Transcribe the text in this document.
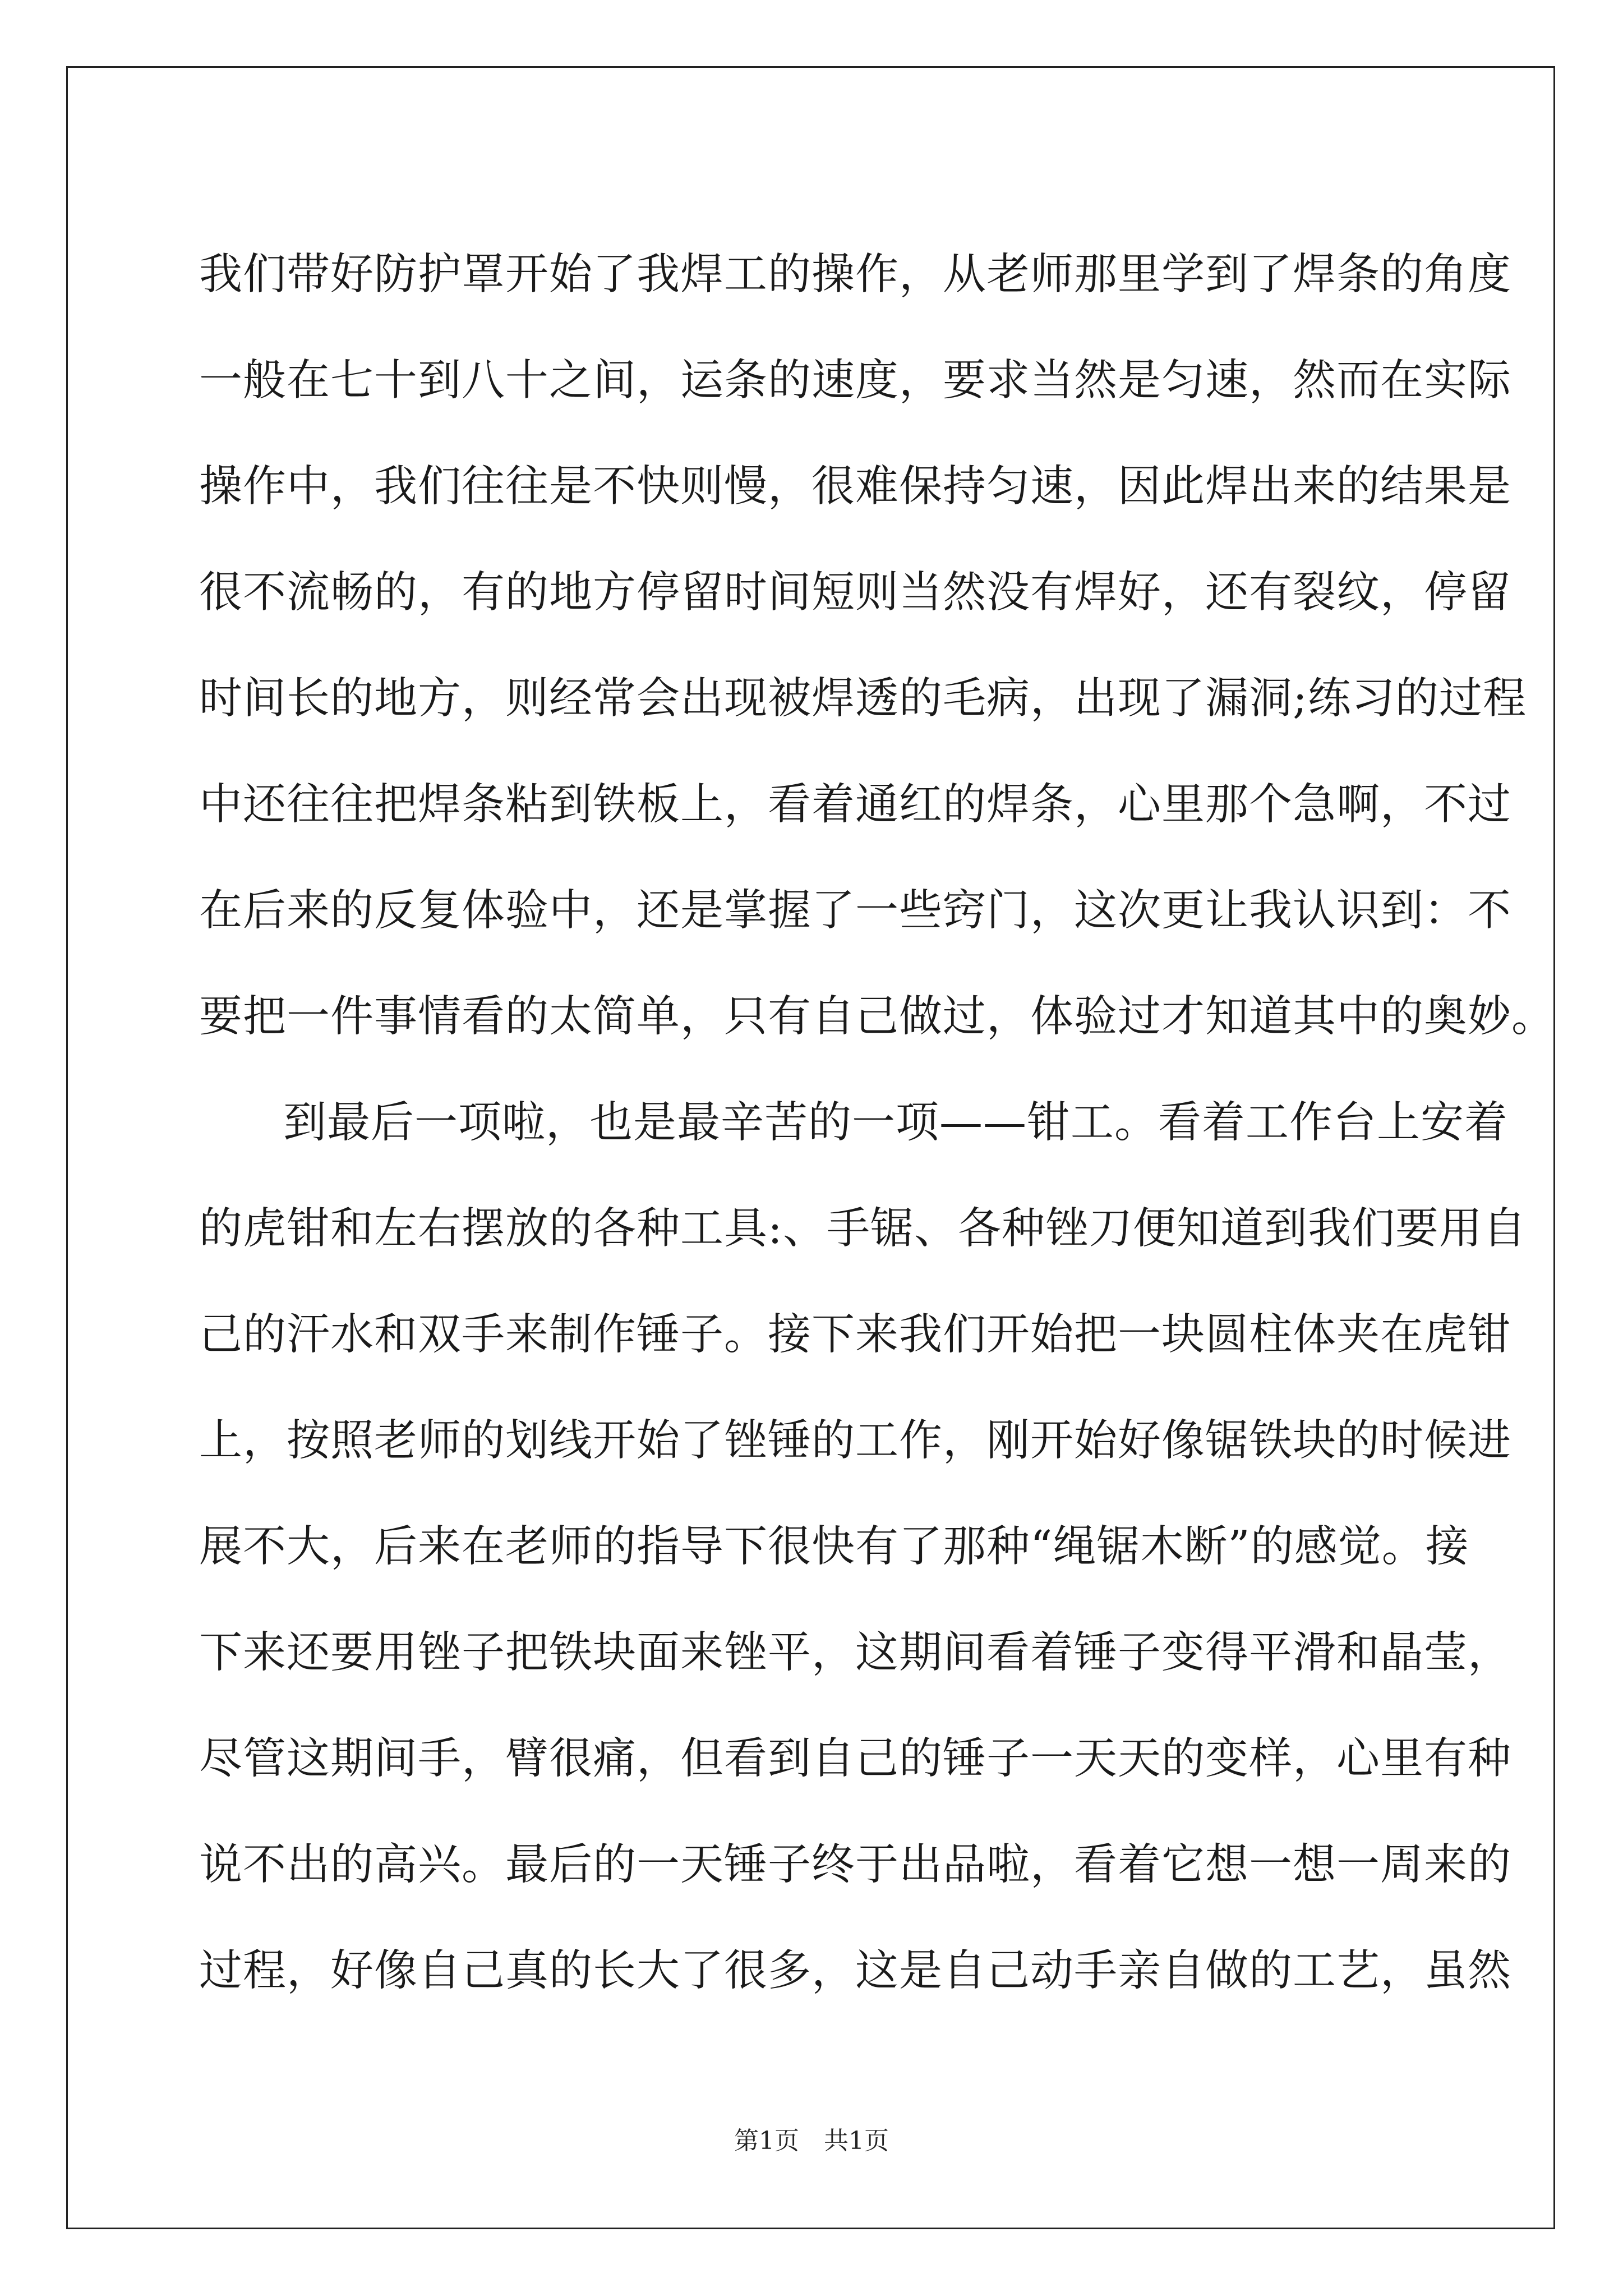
我们带好防护罩开始了我焊工的操作，从老师那里学到了焊条的角度
一般在七十到八十之间，运条的速度，要求当然是匀速，然而在实际
操作中，我们往往是不快则慢，很难保持匀速，因此焊出来的结果是
很不流畅的，有的地方停留时间短则当然没有焊好，还有裂纹，停留
时间长的地方，则经常会出现被焊透的毛病，出现了漏洞;练习的过程
中还往往把焊条粘到铁板上，看着通红的焊条，心里那个急啊，不过
在后来的反复体验中，还是掌握了一些窍门，这次更让我认识到：不
要把一件事情看的太简单，只有自己做过，体验过才知道其中的奥妙。
到最后一项啦，也是最辛苦的一项——钳工。看着工作台上安着
的虎钳和左右摆放的各种工具:、手锯、各种锉刀便知道到我们要用自
己的汗水和双手来制作锤子。接下来我们开始把一块圆柱体夹在虎钳
上，按照老师的划线开始了锉锤的工作，刚开始好像锯铁块的时候进
展不大，后来在老师的指导下很快有了那种“绳锯木断”的感觉。接
下来还要用锉子把铁块面来锉平，这期间看着锤子变得平滑和晶莹，
尽管这期间手，臂很痛，但看到自己的锤子一天天的变样，心里有种
说不出的高兴。最后的一天锤子终于出品啦，看着它想一想一周来的
过程，好像自己真的长大了很多，这是自己动手亲自做的工艺，虽然
第1页 共1页
